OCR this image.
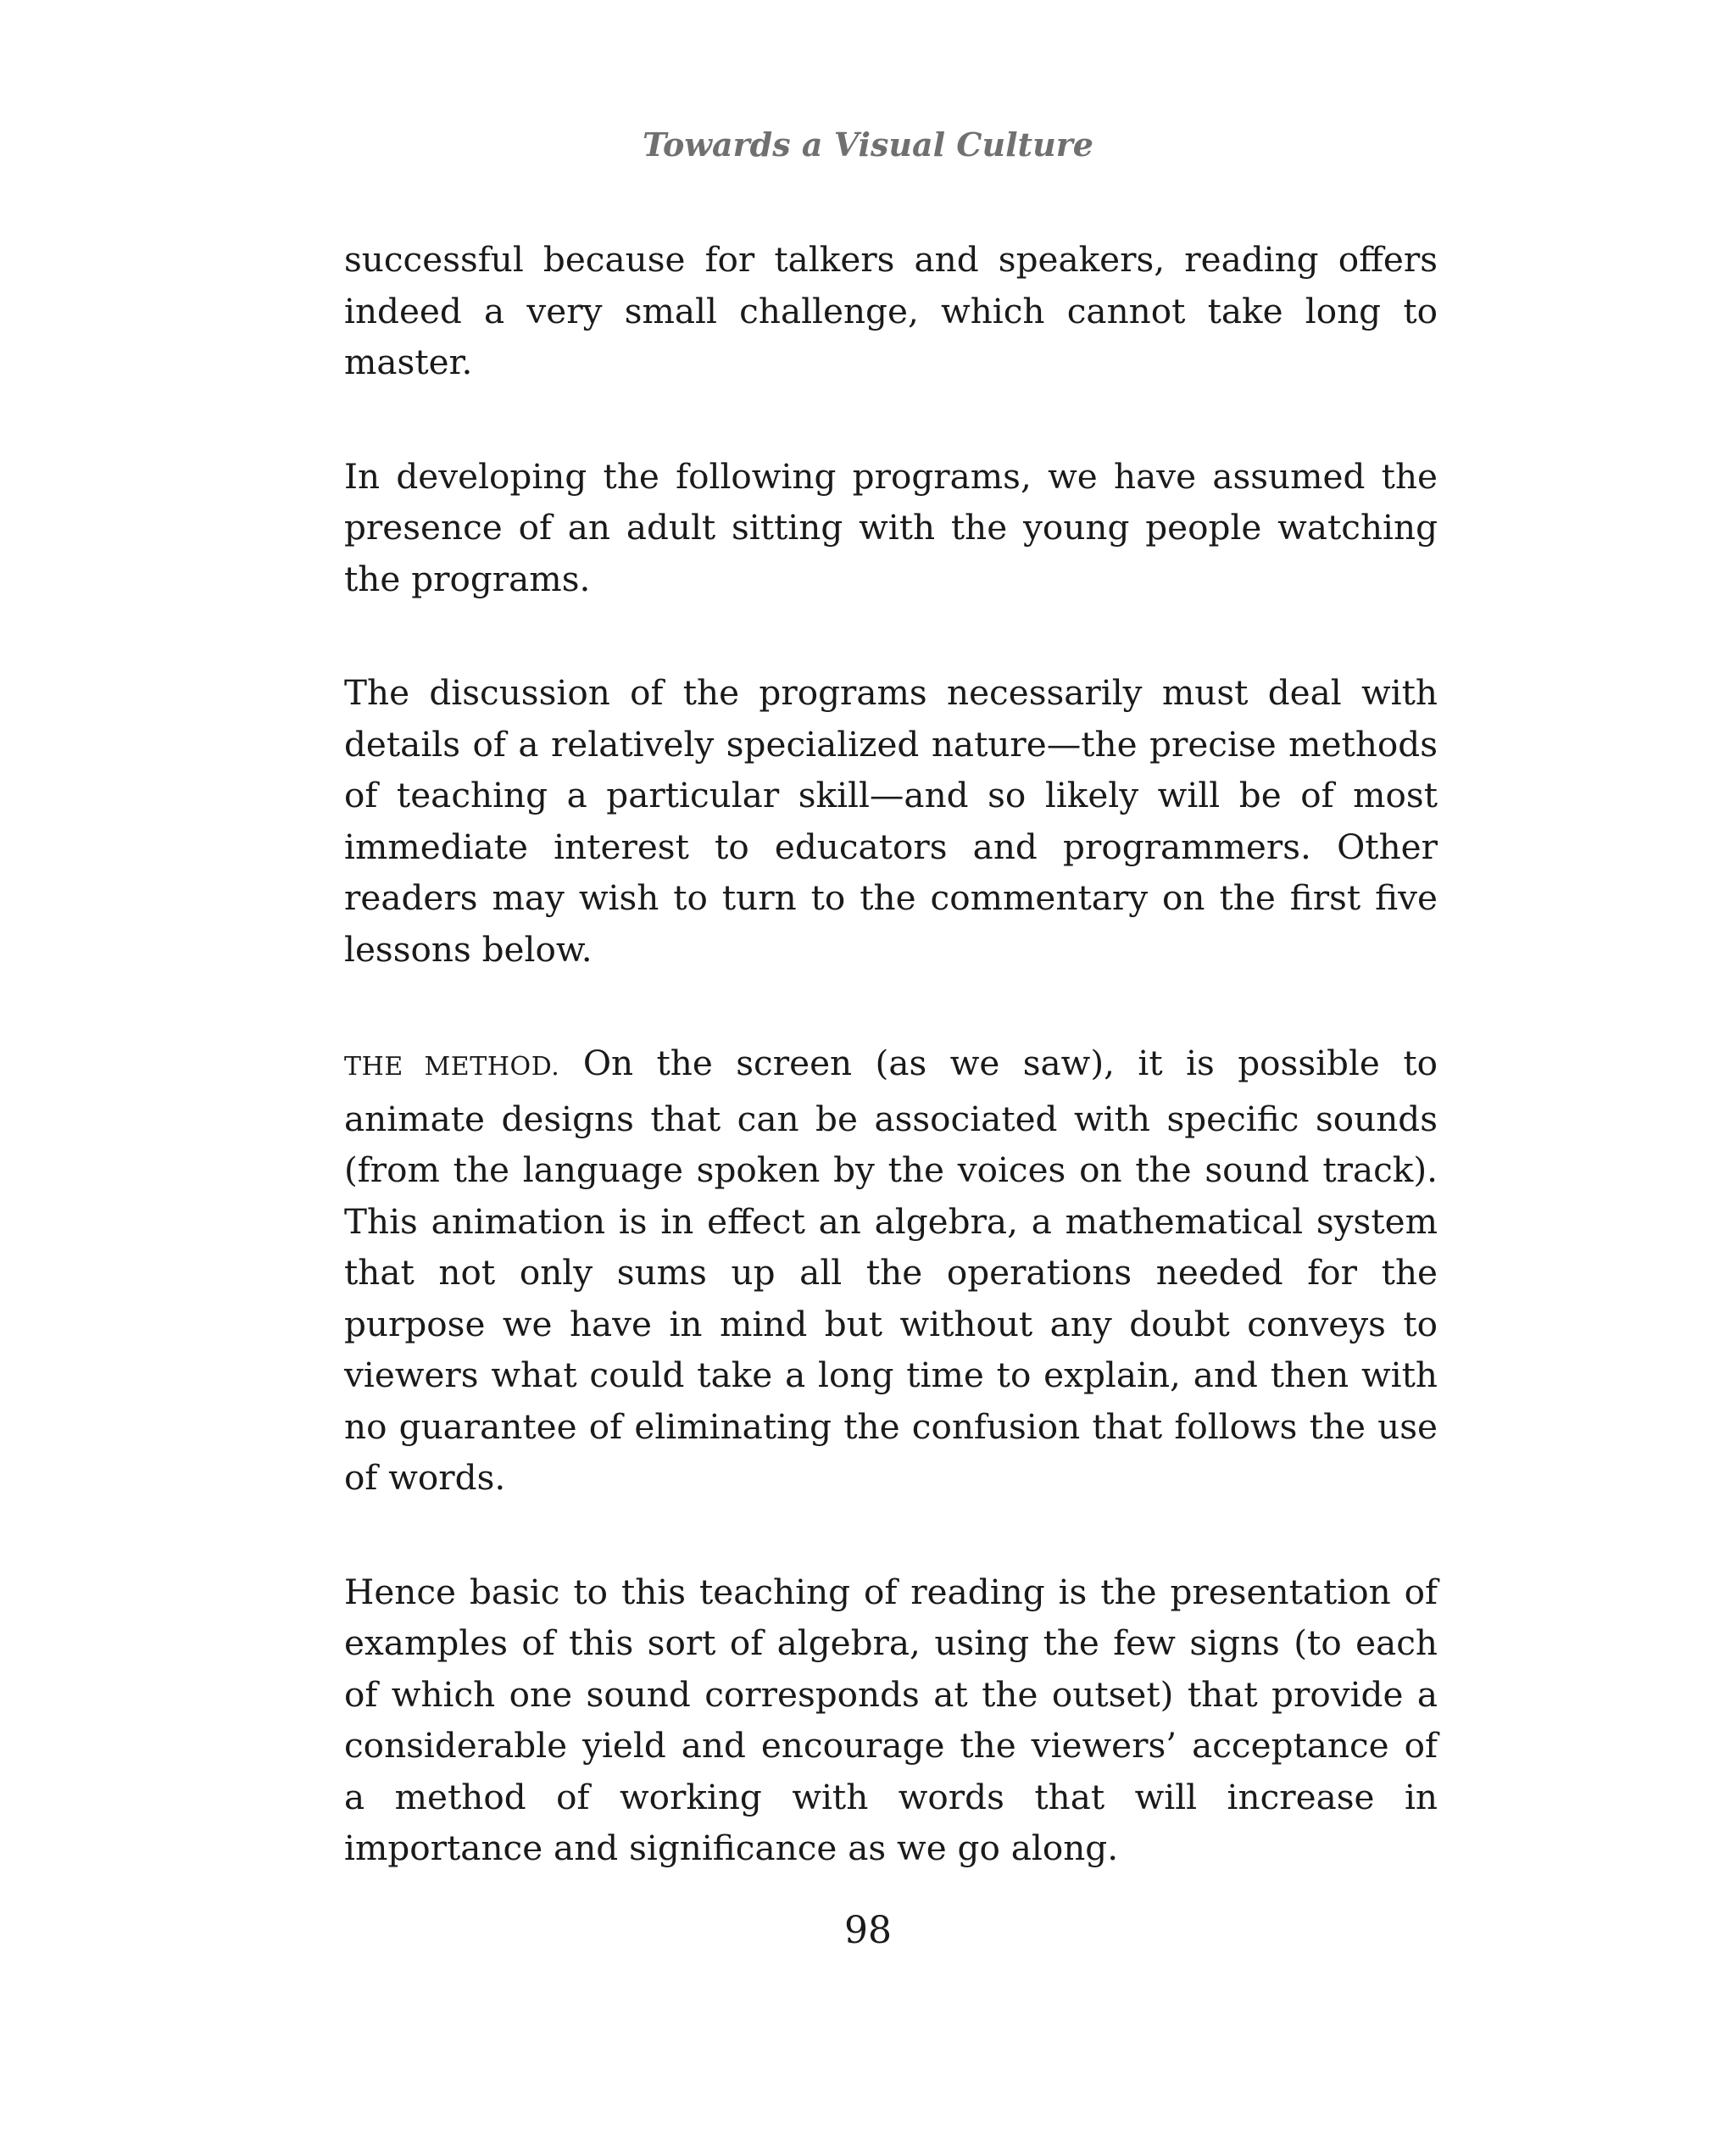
Towards a Visual Culture

successful because for talkers and speakers, reading offers indeed a very small challenge, which cannot take long to master.

In developing the following programs, we have assumed the presence of an adult sitting with the young people watching the programs.

The discussion of the programs necessarily must deal with details of a relatively specialized nature—the precise methods of teaching a particular skill—and so likely will be of most immediate interest to educators and programmers. Other readers may wish to turn to the commentary on the first five lessons below.

THE METHOD. On the screen (as we saw), it is possible to animate designs that can be associated with specific sounds (from the language spoken by the voices on the sound track). This animation is in effect an algebra, a mathematical system that not only sums up all the operations needed for the purpose we have in mind but without any doubt conveys to viewers what could take a long time to explain, and then with no guarantee of eliminating the confusion that follows the use of words.

Hence basic to this teaching of reading is the presentation of examples of this sort of algebra, using the few signs (to each of which one sound corresponds at the outset) that provide a considerable yield and encourage the viewers’ acceptance of a method of working with words that will increase in importance and significance as we go along.

98
